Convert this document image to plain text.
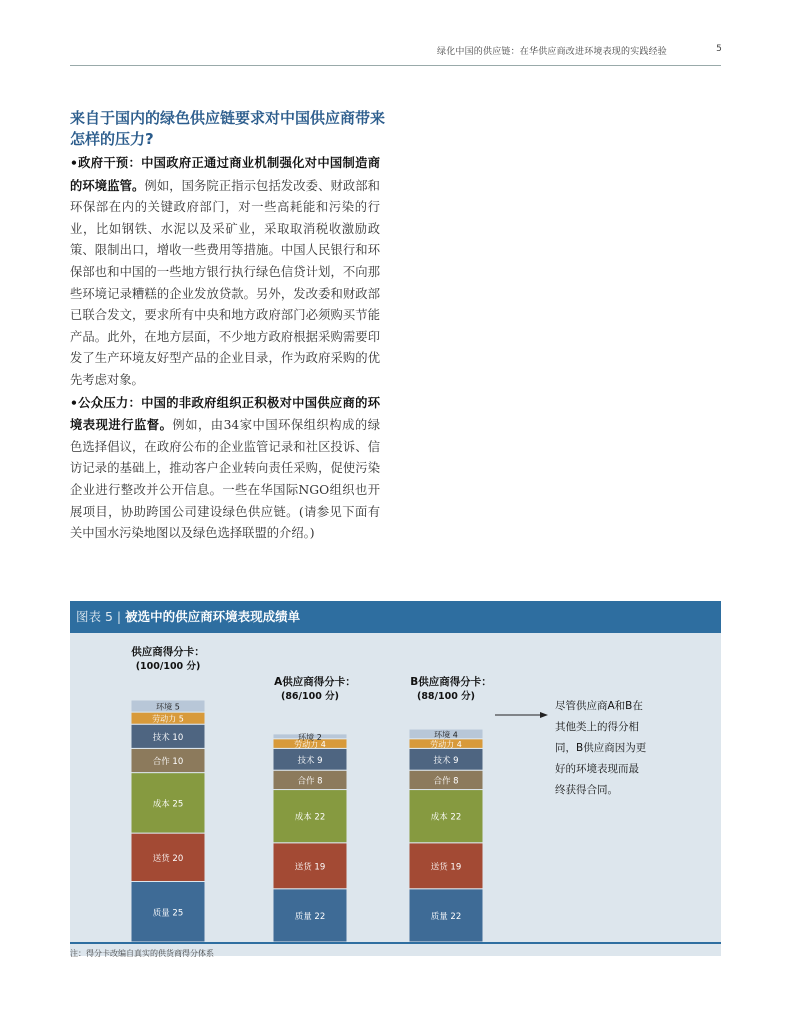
绿化中国的供应链：在华供应商改进环境表现的实践经验	5
来自于国内的绿色供应链要求对中国供应商带来怎样的压力?

•政府干预：中国政府正通过商业机制强化对中国制造商的环境监管。例如，国务院正指示包括发改委、财政部和环保部在内的关键政府部门，对一些高耗能和污染的行业，比如钢铁、水泥以及采矿业，采取取消税收激励政策、限制出口，增收一些费用等措施。中国人民银行和环保部也和中国的一些地方银行执行绿色信贷计划，不向那些环境记录糟糕的企业发放贷款。另外，发改委和财政部已联合发文，要求所有中央和地方政府部门必须购买节能产品。此外，在地方层面，不少地方政府根据采购需要印发了生产环境友好型产品的企业目录，作为政府采购的优先考虑对象。

•公众压力：中国的非政府组织正积极对中国供应商的环境表现进行监督。例如，由34家中国环保组织构成的绿色选择倡议，在政府公布的企业监管记录和社区投诉、信访记录的基础上，推动客户企业转向责任采购，促使污染企业进行整改并公开信息。一些在华国际NGO组织也开展项目，协助跨国公司建设绿色供应链。(请参见下面有关中国水污染地图以及绿色选择联盟的介绍。)

图表 5 | 被选中的供应商环境表现成绩单
质量 25
送货 20
成本 25
合作 10
技术 10
劳动力 5
环境 5
供应商得分卡：
(100/100 分)
质量 22
送货 19
成本 22
合作 8
技术 9
劳动力 4
环境 2
A供应商得分卡：
(86/100 分)
质量 22
送货 19
成本 22
合作 8
技术 9
劳动力 4
环境 4
B供应商得分卡：
(88/100 分)
尽管供应商A和B在
其他类上的得分相
同，B供应商因为更
好的环境表现而最
终获得合同。
注：得分卡改编自真实的供货商得分体系
